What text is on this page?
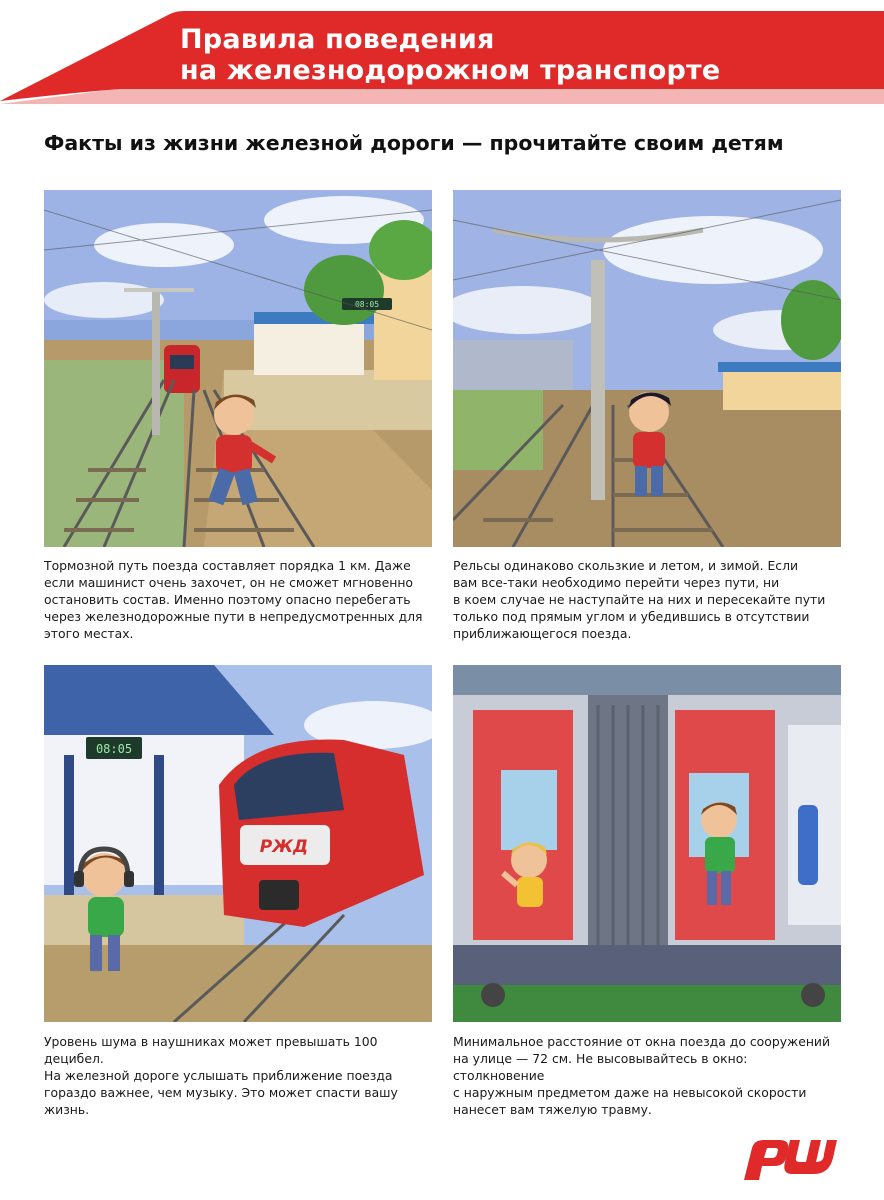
Правила поведения
на железнодорожном транспорте
Факты из жизни железной дороги — прочитайте своим детям
08:05
Тормозной путь поезда составляет порядка 1 км. Даже
если машинист очень захочет, он не сможет мгновенно
остановить состав. Именно поэтому опасно перебегать
через железнодорожные пути в непредусмотренных для
этого местах.
Рельсы одинаково скользкие и летом, и зимой. Если
вам все-таки необходимо перейти через пути, ни
в коем случае не наступайте на них и пересекайте пути
только под прямым углом и убедившись в отсутствии
приближающегося поезда.
08:05
РЖД
Уровень шума в наушниках может превышать 100 децибел.
На железной дороге услышать приближение поезда
гораздо важнее, чем музыку. Это может спасти вашу жизнь.
Минимальное расстояние от окна поезда до сооружений
на улице — 72 см. Не высовывайтесь в окно: столкновение
с наружным предметом даже на невысокой скорости
нанесет вам тяжелую травму.
